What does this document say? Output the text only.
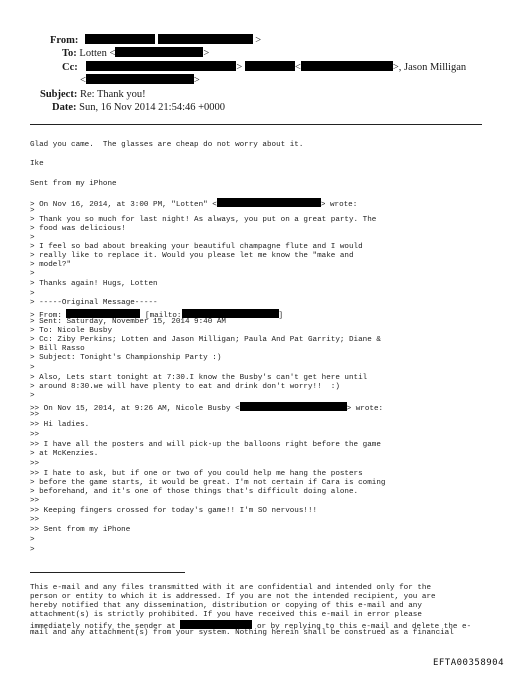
From:	>
To: Lotten <	>
Cc:	>	<	>, Jason Milligan
<	>
Subject: Re: Thank you!
Date: Sun, 16 Nov 2014 21:54:46 +0000
Glad you came.  The glasses are cheap do not worry about it.
Ike
Sent from my iPhone
> On Nov 16, 2014, at 3:00 PM, "Lotten" <	> wrote:
>
> Thank you so much for last night! As always, you put on a great party. The
> food was delicious!
>
> I feel so bad about breaking your beautiful champagne flute and I would
> really like to replace it. Would you please let me know the "make and
> model?"
>
> Thanks again! Hugs, Lotten
>
> -----Original Message-----
> From:	[mailto:	]
> Sent: Saturday, November 15, 2014 9:40 AM
> To: Nicole Busby
> Cc: Ziby Perkins; Lotten and Jason Milligan; Paula And Pat Garrity; Diane &
> Bill Rasso
> Subject: Tonight's Championship Party :)
>
> Also, Lets start tonight at 7:30.I know the Busby's can't get here until
> around 8:30.we will have plenty to eat and drink don't worry!!  :)
>
>> On Nov 15, 2014, at 9:26 AM, Nicole Busby <	> wrote:
>>
>> Hi ladies.
>>
>> I have all the posters and will pick-up the balloons right before the game
> at McKenzies.
>>
>> I hate to ask, but if one or two of you could help me hang the posters
> before the game starts, it would be great. I'm not certain if Cara is coming
> beforehand, and it's one of those things that's difficult doing alone.
>>
>> Keeping fingers crossed for today's game!! I'm SO nervous!!!
>>
>> Sent from my iPhone
>
>
This e-mail and any files transmitted with it are confidential and intended only for the
person or entity to which it is addressed. If you are not the intended recipient, you are
hereby notified that any dissemination, distribution or copying of this e-mail and any
attachment(s) is strictly prohibited. If you have received this e-mail in error please
immediately notify the sender at	or by replying to this e-mail and delete the e-
mail and any attachment(s) from your system. Nothing herein shall be construed as a financial
EFTA00358904
